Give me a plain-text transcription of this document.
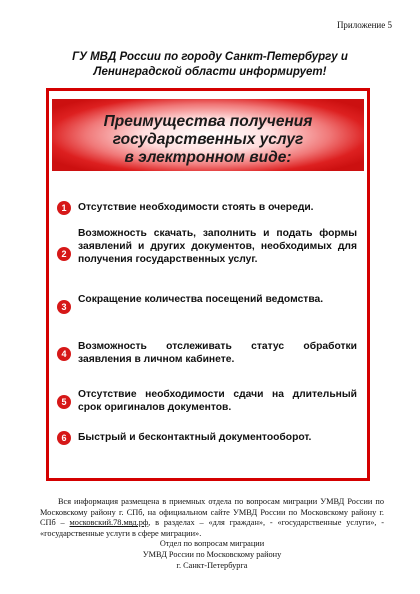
Приложение 5
ГУ МВД России по городу Санкт-Петербургу и
Ленинградской области информирует!
Преимущества получения
государственных услуг
в электронном виде:
1	Отсутствие необходимости стоять в очереди.
2
Возможность скачать, заполнить и подать формы заявлений и других документов, необходимых для получения государственных услуг.
3
Сокращение количества посещений ведомства.
4
Возможность отслеживать статус обработки заявления в личном кабинете.
5
Отсутствие необходимости сдачи на длительный срок оригиналов документов.
6	Быстрый и бесконтактный документооборот.
Вся информация размещена в приемных отдела по вопросам миграции УМВД России по Московскому району г. СПб, на официальном сайте УМВД России по Московскому району г. СПб – московский.78.мвд.рф, в разделах – «для граждан», - «государственные услуги», - «государственные услуги в сфере миграции».
Отдел по вопросам миграции
УМВД России по Московскому району
г. Санкт-Петербурга
